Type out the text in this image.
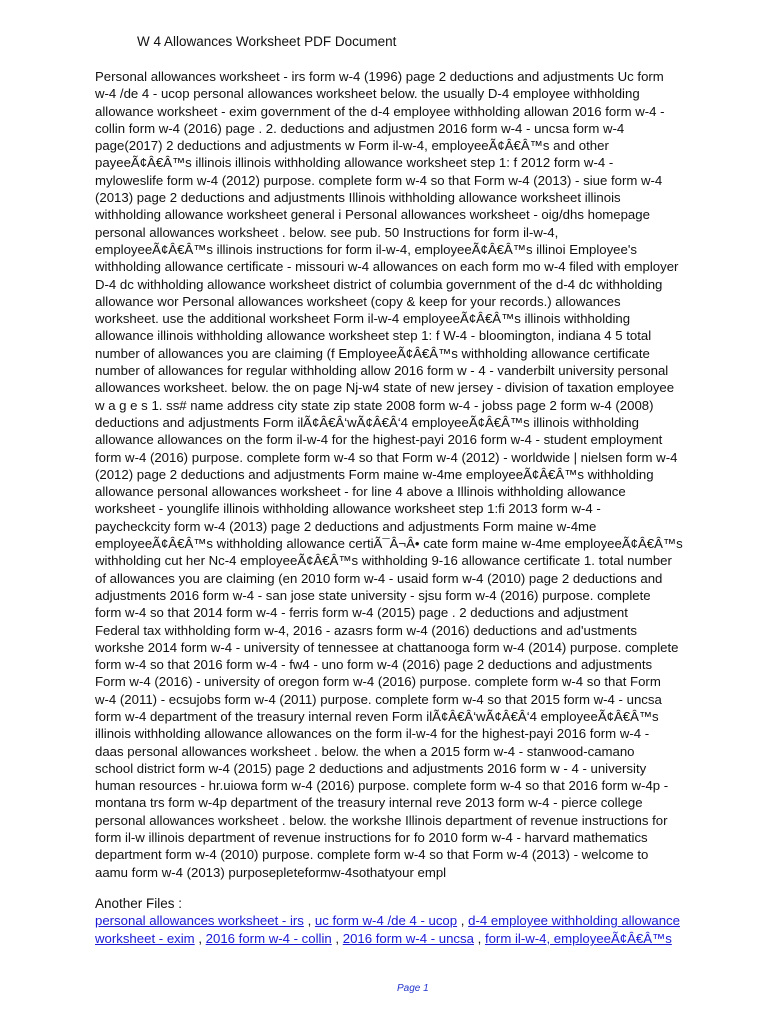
W 4 Allowances Worksheet PDF Document
Personal allowances worksheet - irs form w-4 (1996) page 2 deductions and adjustments Uc form
w-4 /de 4 - ucop personal allowances worksheet below. the usually D-4 employee withholding
allowance worksheet - exim government of the d-4 employee withholding allowan 2016 form w-4 -
collin form w-4 (2016) page . 2. deductions and adjustmen 2016 form w-4 - uncsa form w-4
page(2017) 2 deductions and adjustments w Form il-w-4, employeeÃ¢Â€Â™s and other
payeeÃ¢Â€Â™s illinois illinois withholding allowance worksheet step 1: f 2012 form w-4 -
myloweslife form w-4 (2012) purpose. complete form w-4 so that Form w-4 (2013) - siue form w-4
(2013) page 2 deductions and adjustments Illinois withholding allowance worksheet illinois
withholding allowance worksheet general i Personal allowances worksheet - oig/dhs homepage
personal allowances worksheet . below. see pub. 50 Instructions for form il-w-4,
employeeÃ¢Â€Â™s illinois instructions for form il-w-4, employeeÃ¢Â€Â™s illinoi Employee's
withholding allowance certificate - missouri w-4 allowances on each form mo w-4 filed with employer
D-4 dc withholding allowance worksheet district of columbia government of the d-4 dc withholding
allowance wor Personal allowances worksheet (copy & keep for your records.) allowances
worksheet. use the additional worksheet Form il-w-4 employeeÃ¢Â€Â™s illinois withholding
allowance illinois withholding allowance worksheet step 1: f W-4 - bloomington, indiana 4 5 total
number of allowances you are claiming (f EmployeeÃ¢Â€Â™s withholding allowance certificate
number of allowances for regular withholding allow 2016 form w - 4 - vanderbilt university personal
allowances worksheet. below. the on page Nj-w4 state of new jersey - division of taxation employee
w a g e s 1. ss# name address city state zip state 2008 form w-4 - jobss page 2 form w-4 (2008)
deductions and adjustments Form ilÃ¢Â€Â‘wÃ¢Â€Â‘4 employeeÃ¢Â€Â™s illinois withholding
allowance allowances on the form il-w-4 for the highest-payi 2016 form w-4 - student employment
form w-4 (2016) purpose. complete form w-4 so that Form w-4 (2012) - worldwide | nielsen form w-4
(2012) page 2 deductions and adjustments Form maine w-4me employeeÃ¢Â€Â™s withholding
allowance personal allowances worksheet - for line 4 above a Illinois withholding allowance
worksheet - younglife illinois withholding allowance worksheet step 1:fi 2013 form w-4 -
paycheckcity form w-4 (2013) page 2 deductions and adjustments Form maine w-4me
employeeÃ¢Â€Â™s withholding allowance certiÃ¯Â¬Â• cate form maine w-4me employeeÃ¢Â€Â™s
withholding cut her Nc-4 employeeÃ¢Â€Â™s withholding 9-16 allowance certificate 1. total number
of allowances you are claiming (en 2010 form w-4 - usaid form w-4 (2010) page 2 deductions and
adjustments 2016 form w-4 - san jose state university - sjsu form w-4 (2016) purpose. complete
form w-4 so that 2014 form w-4 - ferris form w-4 (2015) page . 2 deductions and adjustment
Federal tax withholding form w-4, 2016 - azasrs form w-4 (2016) deductions and ad'ustments
workshe 2014 form w-4 - university of tennessee at chattanooga form w-4 (2014) purpose. complete
form w-4 so that 2016 form w-4 - fw4 - uno form w-4 (2016) page 2 deductions and adjustments
Form w-4 (2016) - university of oregon form w-4 (2016) purpose. complete form w-4 so that Form
w-4 (2011) - ecsujobs form w-4 (2011) purpose. complete form w-4 so that 2015 form w-4 - uncsa
form w-4 department of the treasury internal reven Form ilÃ¢Â€Â‘wÃ¢Â€Â‘4 employeeÃ¢Â€Â™s
illinois withholding allowance allowances on the form il-w-4 for the highest-payi 2016 form w-4 -
daas personal allowances worksheet . below. the when a 2015 form w-4 - stanwood-camano
school district form w-4 (2015) page 2 deductions and adjustments 2016 form w - 4 - university
human resources - hr.uiowa form w-4 (2016) purpose. complete form w-4 so that 2016 form w-4p -
montana trs form w-4p department of the treasury internal reve 2013 form w-4 - pierce college
personal allowances worksheet . below. the workshe Illinois department of revenue instructions for
form il-w illinois department of revenue instructions for fo 2010 form w-4 - harvard mathematics
department form w-4 (2010) purpose. complete form w-4 so that Form w-4 (2013) - welcome to
aamu form w-4 (2013) purposepleteformw-4sothatyour empl
Another Files :
personal allowances worksheet - irs , uc form w-4 /de 4 - ucop , d-4 employee withholding allowance
worksheet - exim , 2016 form w-4 - collin , 2016 form w-4 - uncsa , form il-w-4, employeeÃ¢Â€Â™s
Page 1
